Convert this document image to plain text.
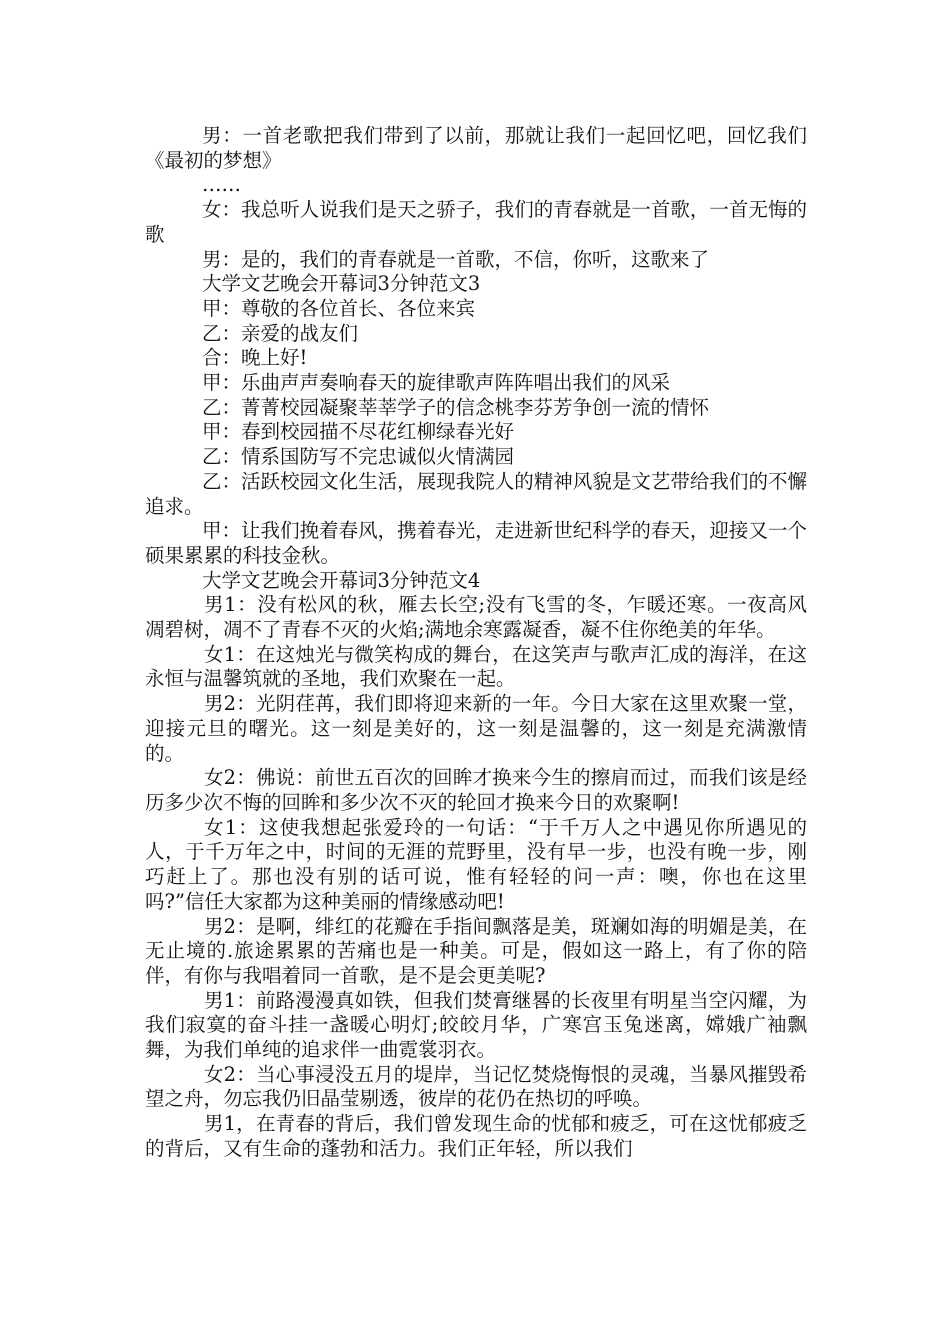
男：一首老歌把我们带到了以前，那就让我们一起回忆吧，回忆我们《最初的梦想》

……

女：我总听人说我们是天之骄子，我们的青春就是一首歌，一首无悔的歌

男：是的，我们的青春就是一首歌，不信，你听，这歌来了

大学文艺晚会开幕词3分钟范文3

甲：尊敬的各位首长、各位来宾

乙：亲爱的战友们

合：晚上好!

甲：乐曲声声奏响春天的旋律歌声阵阵唱出我们的风采

乙：菁菁校园凝聚莘莘学子的信念桃李芬芳争创一流的情怀

甲：春到校园描不尽花红柳绿春光好

乙：情系国防写不完忠诚似火情满园

乙：活跃校园文化生活，展现我院人的精神风貌是文艺带给我们的不懈追求。

甲：让我们挽着春风，携着春光，走进新世纪科学的春天，迎接又一个硕果累累的科技金秋。

大学文艺晚会开幕词3分钟范文4

男1：没有松风的秋，雁去长空;没有飞雪的冬，乍暖还寒。一夜高风凋碧树，凋不了青春不灭的火焰;满地余寒露凝香，凝不住你绝美的年华。

女1：在这烛光与微笑构成的舞台，在这笑声与歌声汇成的海洋，在这永恒与温馨筑就的圣地，我们欢聚在一起。

男2：光阴荏苒，我们即将迎来新的一年。今日大家在这里欢聚一堂，迎接元旦的曙光。这一刻是美好的，这一刻是温馨的，这一刻是充满激情的。

女2：佛说：前世五百次的回眸才换来今生的擦肩而过，而我们该是经历多少次不悔的回眸和多少次不灭的轮回才换来今日的欢聚啊!

女1：这使我想起张爱玲的一句话：“于千万人之中遇见你所遇见的人，于千万年之中，时间的无涯的荒野里，没有早一步，也没有晚一步，刚巧赶上了。那也没有别的话可说，惟有轻轻的问一声：噢，你也在这里吗?”信任大家都为这种美丽的情缘感动吧!

男2：是啊，绯红的花瓣在手指间飘落是美，斑斓如海的明媚是美，在无止境的.旅途累累的苦痛也是一种美。可是，假如这一路上，有了你的陪伴，有你与我唱着同一首歌，是不是会更美呢?

男1：前路漫漫真如铁，但我们焚膏继晷的长夜里有明星当空闪耀，为我们寂寞的奋斗挂一盏暖心明灯;皎皎月华，广寒宫玉兔迷离，嫦娥广袖飘舞，为我们单纯的追求伴一曲霓裳羽衣。

女2：当心事浸没五月的堤岸，当记忆焚烧悔恨的灵魂，当暴风摧毁希望之舟，勿忘我仍旧晶莹剔透，彼岸的花仍在热切的呼唤。

男1，在青春的背后，我们曾发现生命的忧郁和疲乏，可在这忧郁疲乏的背后，又有生命的蓬勃和活力。我们正年轻，所以我们
